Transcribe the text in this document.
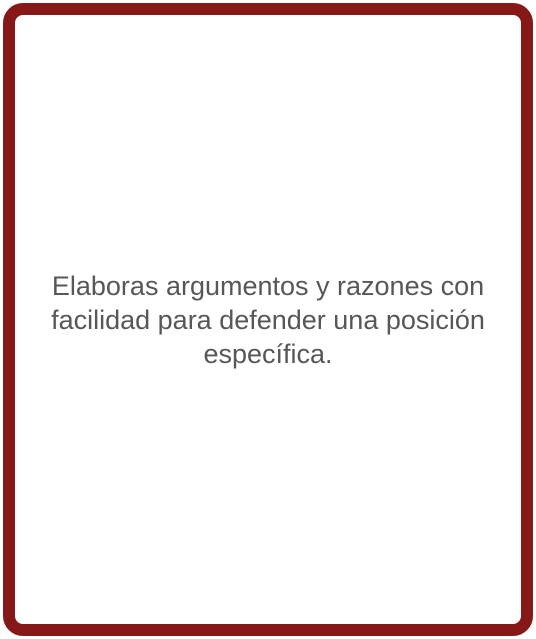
Elaboras argumentos y razones con facilidad para defender una posición específica.
